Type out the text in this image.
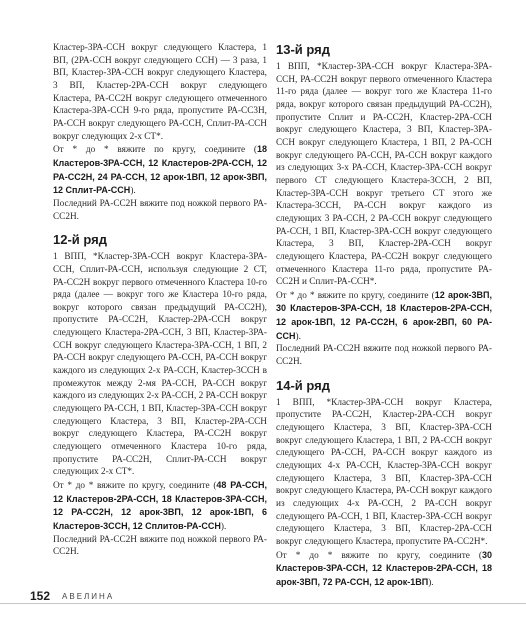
Кластер-3РА-ССН вокруг следующего Кластера, 1 ВП, (2РА-ССН вокруг следующего ССН) — 3 раза, 1 ВП, Кластер-3РА-ССН вокруг следующего Кластера, 3 ВП, Кластер-2РА-ССН вокруг следующего Кластера, РА-СС2Н вокруг следующего отмеченного Кластера-3РА-ССН 9-го ряда, пропустите РА-СС3Н, РА-ССН вокруг следующего РА-ССН, Сплит-РА-ССН вокруг следующих 2-х СТ*.

От * до * вяжите по кругу, соедините (18 Кластеров-3РА-ССН, 12 Кластеров-2РА-ССН, 12 РА-СС2Н, 24 РА-ССН, 12 арок-1ВП, 12 арок-3ВП, 12 Сплит-РА-ССН).

Последний РА-СС2Н вяжите под ножкой первого РА-СС2Н.

12-й ряд

1 ВПП, *Кластер-3РА-ССН вокруг Кластера-3РА-ССН, Сплит-РА-ССН, используя следующие 2 СТ, РА-СС2Н вокруг первого отмеченного Кластера 10-го ряда (далее — вокруг того же Кластера 10-го ряда, вокруг которого связан предыдущий РА-СС2Н), пропустите РА-СС2Н, Кластер-2РА-ССН вокруг следующего Кластера-2РА-ССН, 3 ВП, Кластер-3РА-ССН вокруг следующего Кластера-3РА-ССН, 1 ВП, 2 РА-ССН вокруг следующего РА-ССН, РА-ССН вокруг каждого из следующих 2-х РА-ССН, Кластер-3ССН в промежуток между 2-мя РА-ССН, РА-ССН вокруг каждого из следующих 2-х РА-ССН, 2 РА-ССН вокруг следующего РА-ССН, 1 ВП, Кластер-3РА-ССН вокруг следующего Кластера, 3 ВП, Кластер-2РА-ССН вокруг следующего Кластера, РА-СС2Н вокруг следующего отмеченного Кластера 10-го ряда, пропустите РА-СС2Н, Сплит-РА-ССН вокруг следующих 2-х СТ*.

От * до * вяжите по кругу, соедините (48 РА-ССН, 12 Кластеров-2РА-ССН, 18 Кластеров-3РА-ССН, 12 РА-СС2Н, 12 арок-3ВП, 12 арок-1ВП, 6 Кластеров-3ССН, 12 Сплитов-РА-ССН).

Последний РА-СС2Н вяжите под ножкой первого РА-СС2Н.

13-й ряд

1 ВПП, *Кластер-3РА-ССН вокруг Кластера-3РА-ССН, РА-СС2Н вокруг первого отмеченного Кластера 11-го ряда (далее — вокруг того же Кластера 11-го ряда, вокруг которого связан предыдущий РА-СС2Н), пропустите Сплит и РА-СС2Н, Кластер-2РА-ССН вокруг следующего Кластера, 3 ВП, Кластер-3РА-ССН вокруг следующего Кластера, 1 ВП, 2 РА-ССН вокруг следующего РА-ССН, РА-ССН вокруг каждого из следующих 3-х РА-ССН, Кластер-3РА-ССН вокруг первого СТ следующего Кластера-3ССН, 2 ВП, Кластер-3РА-ССН вокруг третьего СТ этого же Кластера-3ССН, РА-ССН вокруг каждого из следующих 3 РА-ССН, 2 РА-ССН вокруг следующего РА-ССН, 1 ВП, Кластер-3РА-ССН вокруг следующего Кластера, 3 ВП, Кластер-2РА-ССН вокруг следующего Кластера, РА-СС2Н вокруг следующего отмеченного Кластера 11-го ряда, пропустите РА-СС2Н и Сплит-РА-ССН*.

От * до * вяжите по кругу, соедините (12 арок-3ВП, 30 Кластеров-3РА-ССН, 18 Кластеров-2РА-ССН, 12 арок-1ВП, 12 РА-СС2Н, 6 арок-2ВП, 60 РА-ССН).

Последний РА-СС2Н вяжите под ножкой первого РА-СС2Н.

14-й ряд

1 ВПП, *Кластер-3РА-ССН вокруг Кластера, пропустите РА-СС2Н, Кластер-2РА-ССН вокруг следующего Кластера, 3 ВП, Кластер-3РА-ССН вокруг следующего Кластера, 1 ВП, 2 РА-ССН вокруг следующего РА-ССН, РА-ССН вокруг каждого из следующих 4-х РА-ССН, Кластер-3РА-ССН вокруг следующего Кластера, 3 ВП, Кластер-3РА-ССН вокруг следующего Кластера, РА-ССН вокруг каждого из следующих 4-х РА-ССН, 2 РА-ССН вокруг следующего РА-ССН, 1 ВП, Кластер-3РА-ССН вокруг следующего Кластера, 3 ВП, Кластер-2РА-ССН вокруг следующего Кластера, пропустите РА-СС2Н*.

От * до * вяжите по кругу, соедините (30 Кластеров-3РА-ССН, 12 Кластеров-2РА-ССН, 18 арок-3ВП, 72 РА-ССН, 12 арок-1ВП).

152 АВЕЛИНА
